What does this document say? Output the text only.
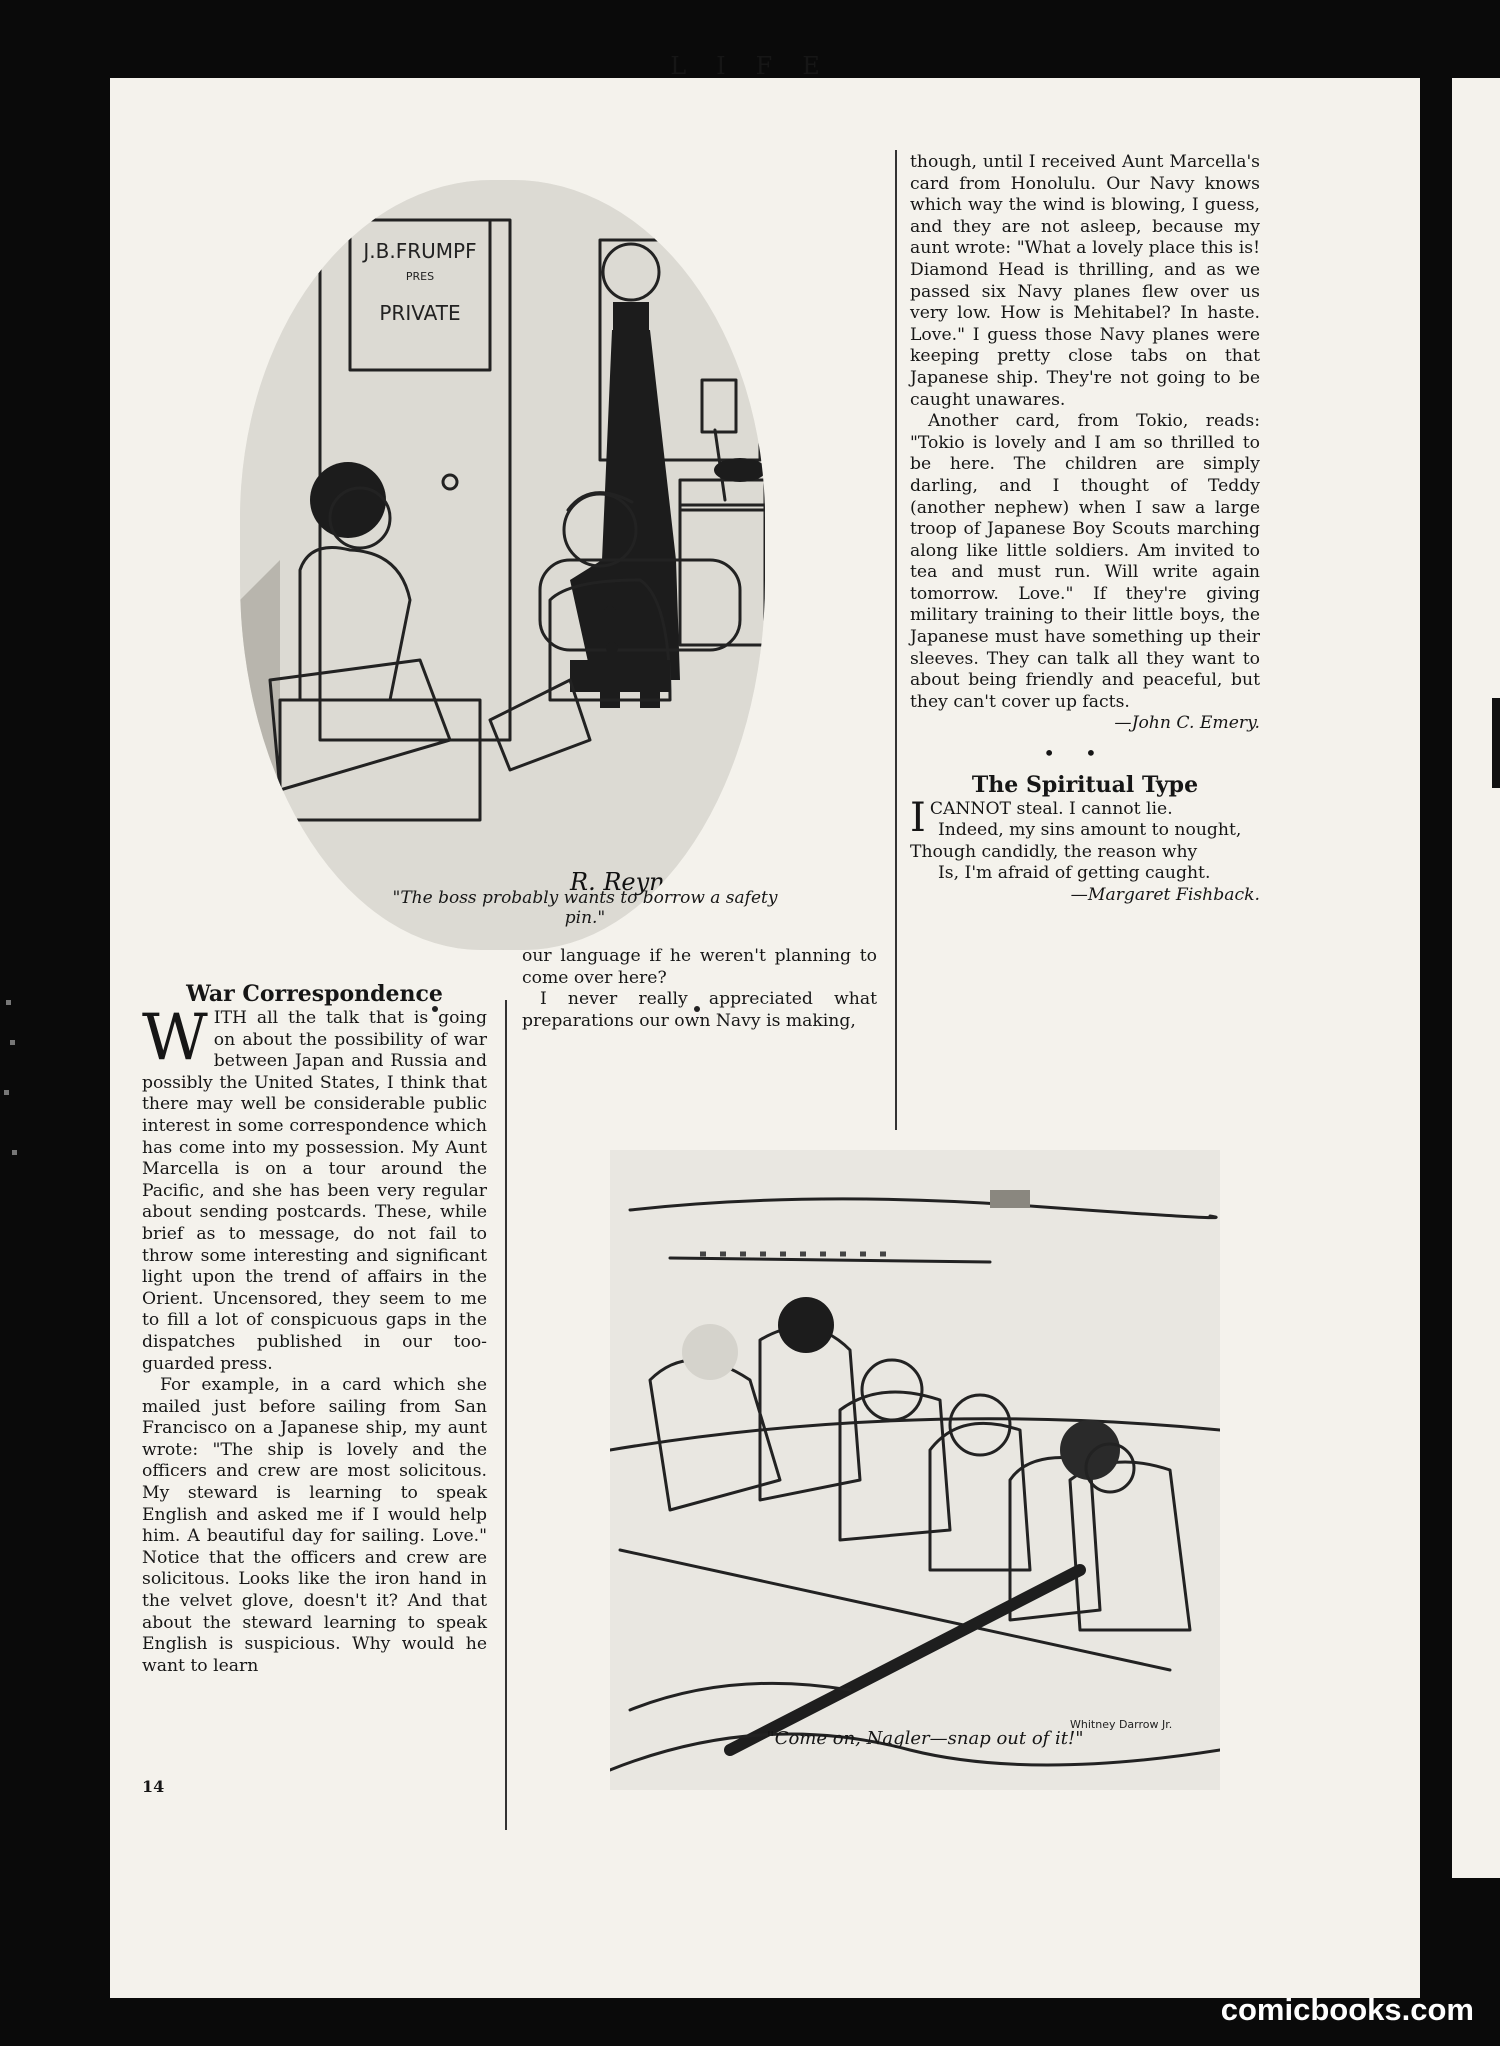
LIFE
J.B.FRUMPF
PRES
PRIVATE
R. Reynolds
"The boss probably wants to borrow a safety pin."

War Correspondence

WITH all the talk that is going on about the possibility of war between Japan and Russia and possibly the United States, I think that there may well be considerable public interest in some correspondence which has come into my possession. My Aunt Marcella is on a tour around the Pacific, and she has been very regular about sending postcards. These, while brief as to message, do not fail to throw some interesting and significant light upon the trend of affairs in the Orient. Uncensored, they seem to me to fill a lot of conspicuous gaps in the dispatches published in our too-guarded press.

For example, in a card which she mailed just before sailing from San Francisco on a Japanese ship, my aunt wrote: "The ship is lovely and the officers and crew are most solicitous. My steward is learning to speak English and asked me if I would help him. A beautiful day for sailing. Love." Notice that the officers and crew are solicitous. Looks like the iron hand in the velvet glove, doesn't it? And that about the steward learning to speak English is suspicious. Why would he want to learn

our language if he weren't planning to come over here?

I never really appreciated what preparations our own Navy is making,

though, until I received Aunt Marcella's card from Honolulu. Our Navy knows which way the wind is blowing, I guess, and they are not asleep, because my aunt wrote: "What a lovely place this is! Diamond Head is thrilling, and as we passed six Navy planes flew over us very low. How is Mehitabel? In haste. Love." I guess those Navy planes were keeping pretty close tabs on that Japanese ship. They're not going to be caught unawares.

Another card, from Tokio, reads: "Tokio is lovely and I am so thrilled to be here. The children are simply darling, and I thought of Teddy (another nephew) when I saw a large troop of Japanese Boy Scouts marching along like little soldiers. Am invited to tea and must run. Will write again tomorrow. Love." If they're giving military training to their little boys, the Japanese must have something up their sleeves. They can talk all they want to about being friendly and peaceful, but they can't cover up facts.

—John C. Emery.

••

The Spiritual Type

ICANNOT steal. I cannot lie.
Indeed, my sins amount to nought,
Though candidly, the reason why
Is, I'm afraid of getting caught.

—Margaret Fishback.

Whitney Darrow Jr.
"Come on, Nagler—snap out of it!"
14
comicbooks.com
